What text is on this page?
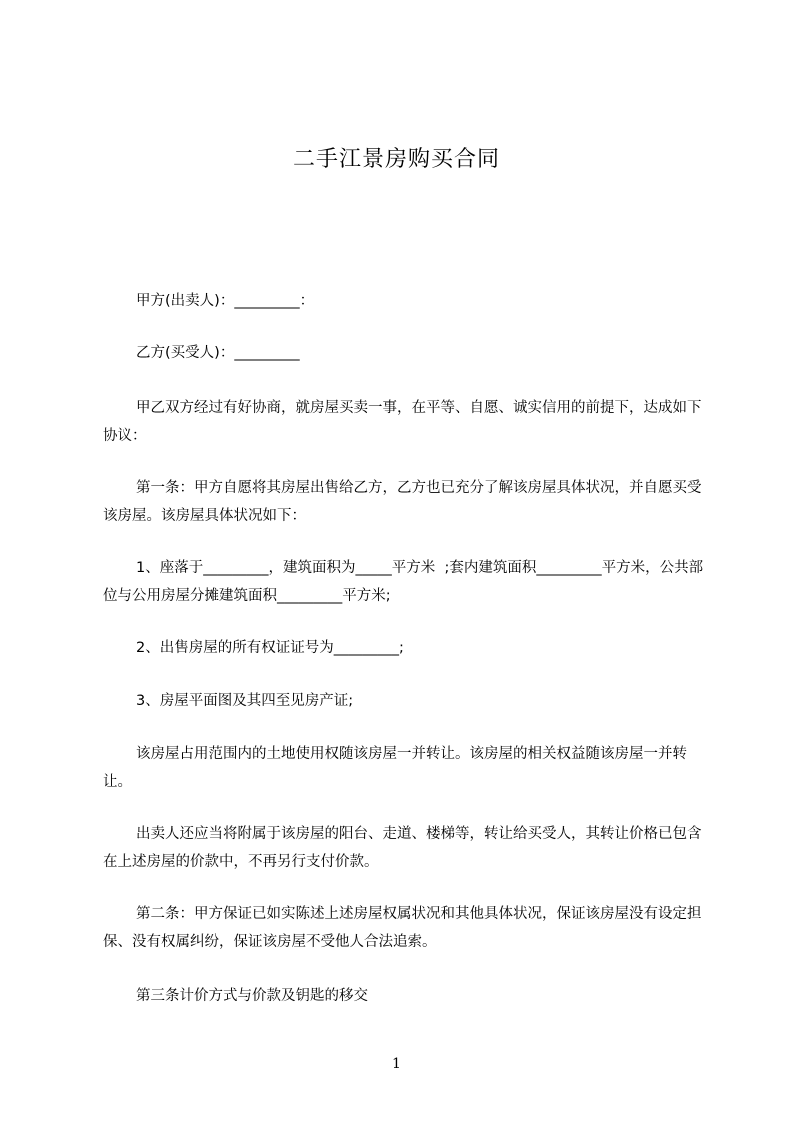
二手江景房购买合同
甲方(出卖人)：_________：
乙方(买受人)：_________
甲乙双方经过有好协商，就房屋买卖一事，在平等、自愿、诚实信用的前提下，达成如下协议：
第一条：甲方自愿将其房屋出售给乙方，乙方也已充分了解该房屋具体状况，并自愿买受该房屋。该房屋具体状况如下：
1、座落于_________，建筑面积为_____平方米  ;套内建筑面积_________平方米，公共部位与公用房屋分摊建筑面积_________平方米;
2、出售房屋的所有权证证号为_________;
3、房屋平面图及其四至见房产证;
该房屋占用范围内的土地使用权随该房屋一并转让。该房屋的相关权益随该房屋一并转让。
出卖人还应当将附属于该房屋的阳台、走道、楼梯等，转让给买受人，其转让价格已包含在上述房屋的价款中，不再另行支付价款。
第二条：甲方保证已如实陈述上述房屋权属状况和其他具体状况，保证该房屋没有设定担保、没有权属纠纷，保证该房屋不受他人合法追索。
第三条计价方式与价款及钥匙的移交
1
